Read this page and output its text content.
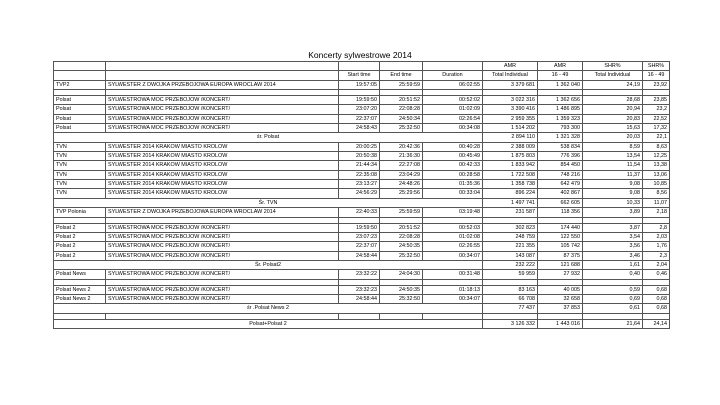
Koncerty sylwestrowe 2014
					AMR	AMR	SHR%	SHR%
		Start time	End time	Duration	Total Individual	16 - 49	Total Individual	16 - 49
TVP2	SYLWESTER Z DWOJKA PRZEBOJOWA EUROPA WROCLAW 2014	19:57:05	25:59:59	06:02:55	3 379 681	1 362 040	24,19	23,92

Polsat	SYLWESTROWA MOC PRZEBOJOW /KONCERT/	19:59:50	20:51:52	00:52:02	3 022 316	1 362 656	28,68	23,85
Polsat	SYLWESTROWA MOC PRZEBOJOW /KONCERT/	23:07:20	22:08:28	01:02:09	3 390 416	1 486 895	20,94	23,2
Polsat	SYLWESTROWA MOC PRZEBOJOW /KONCERT/	22:37:07	24:50:34	02:26:54	2 959 355	1 359 323	20,83	22,52
Polsat	SYLWESTROWA MOC PRZEBOJOW /KONCERT/	24:58:43	25:32:50	00:34:08	1 514 202	793 300	15,63	17,32
śr. Polsat					2 894 110	1 321 328	20,03	22,1
TVN	SYLWESTER 2014 KRAKOW MIASTO KROLOW	20:00:25	20:42:36	00:40:28	2 388 009	538 834	8,59	8,63
TVN	SYLWESTER 2014 KRAKOW MIASTO KROLOW	20:50:38	21:36:30	00:45:49	1 875 803	776 396	13,54	12,25
TVN	SYLWESTER 2014 KRAKOW MIASTO KROLOW	21:44:34	22:27:08	00:42:33	1 833 942	854 450	11,54	13,38
TVN	SYLWESTER 2014 KRAKOW MIASTO KROLOW	22:35:08	23:04:29	00:28:58	1 722 508	748 216	11,37	13,06
TVN	SYLWESTER 2014 KRAKOW MIASTO KROLOW	23:13:27	24:48:26	01:35:36	1 358 738	642 479	9,08	10,85
TVN	SYLWESTER 2014 KRAKOW MIASTO KROLOW	24:56:29	25:29:56	00:33:04	896 224	402 867	9,08	8,56
Śr. TVN					1 497 741	662 605	10,33	11,07
TVP Polonia	SYLWESTER Z DWOJKA PRZEBOJOWA EUROPA WROCLAW 2014	22:40:33	25:59:59	03:19:48	231 587	118 356	3,89	2,18

Polsat 2	SYLWESTROWA MOC PRZEBOJOW /KONCERT/	19:59:50	20:51:52	00:52:03	302 823	174 440	3,87	2,8
Polsat 2	SYLWESTROWA MOC PRZEBOJOW /KONCERT/	23:07:23	22:08:28	01:02:08	248 759	122 550	3,54	2,03
Polsat 2	SYLWESTROWA MOC PRZEBOJOW /KONCERT/	22:37:07	24:50:35	02:26:55	221 355	105 742	3,56	1,76
Polsat 2	SYLWESTROWA MOC PRZEBOJOW /KONCERT/	24:58:44	25:32:50	00:34:07	143 087	87 375	3,46	2,3
Śr. Polsat2					232 222	121 688	1,61	2,04
Polsat News	SYLWESTROWA MOC PRZEBOJOW /KONCERT/	23:32:22	24:04:30	00:31:48	59 959	27 932	0,40	0,46

Polsat News 2	SYLWESTROWA MOC PRZEBOJOW /KONCERT/	23:32:23	24:50:35	01:18:13	83 163	40 005	0,59	0,68
Polsat News 2	SYLWESTROWA MOC PRZEBOJOW /KONCERT/	24:58:44	25:32:50	00:34:07	66 708	32 658	0,69	0,68
śr .Polsat News 2					77 437	37 853	0,61	0,68

Polsat+Polsat 2					3 126 332	1 443 016	21,64	24,14
